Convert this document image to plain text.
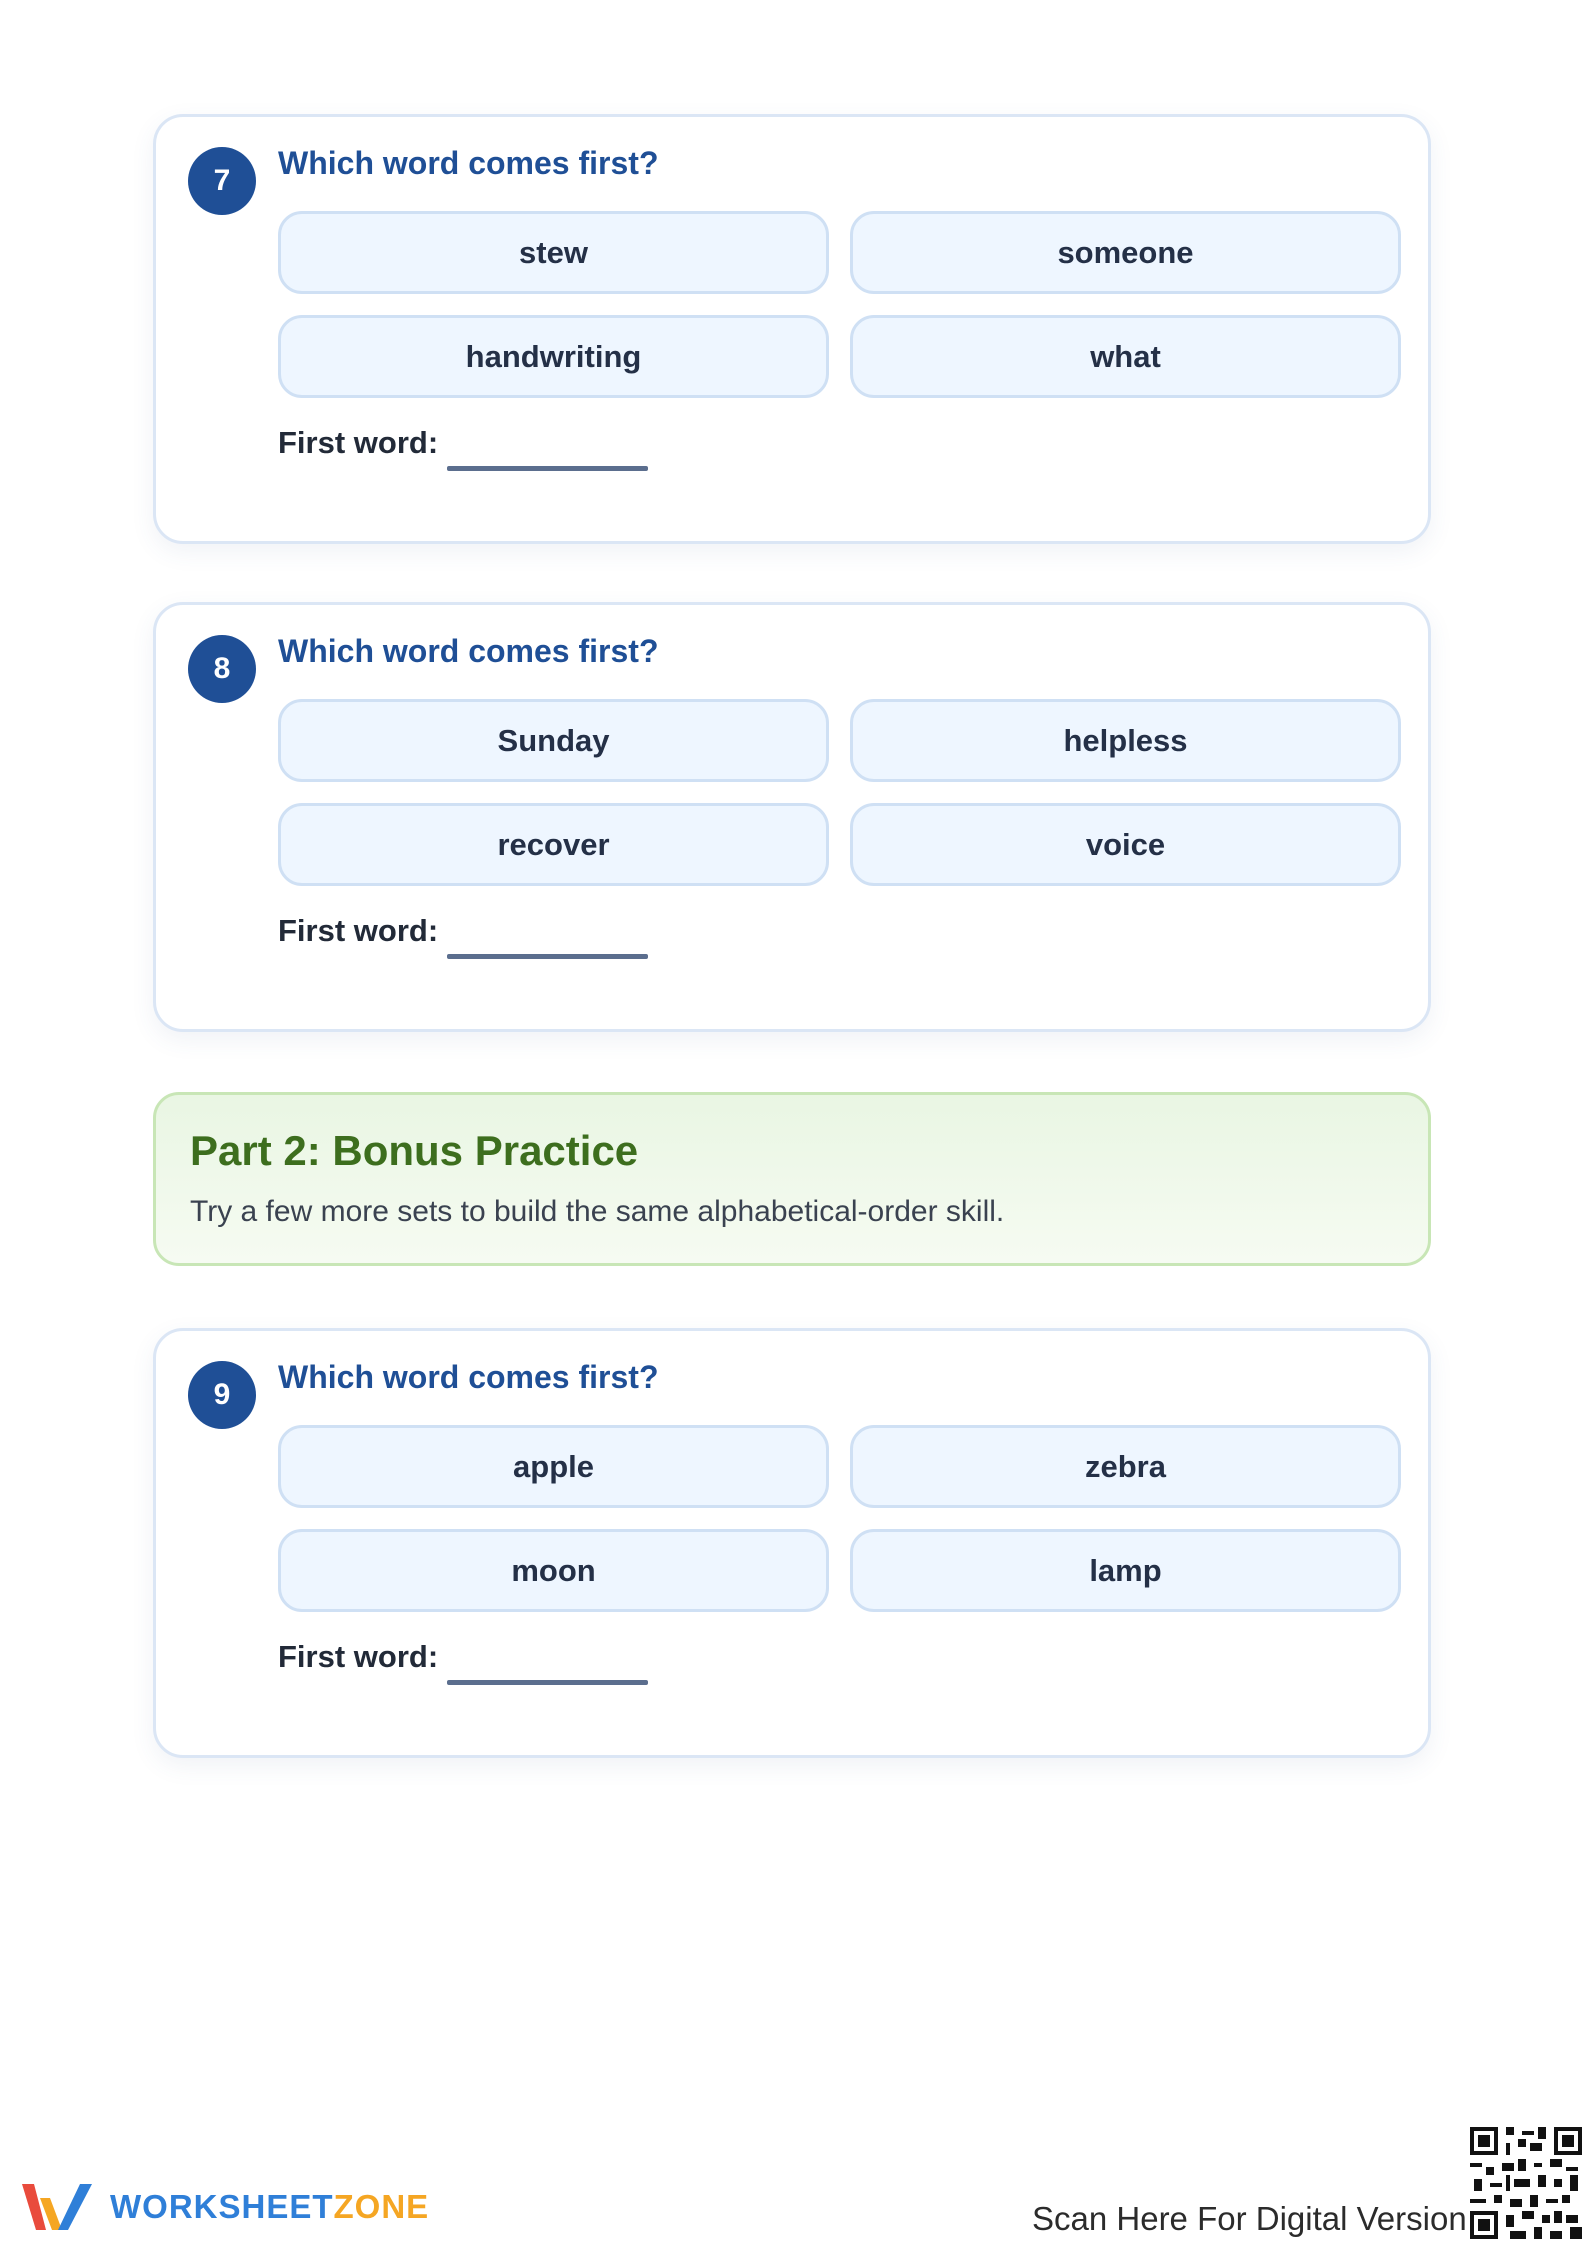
7	Which word comes first?
stew	someone
handwriting	what
First word:
8	Which word comes first?
Sunday	helpless
recover	voice
First word:
Part 2: Bonus Practice
Try a few more sets to build the same alphabetical-order skill.
9	Which word comes first?
apple	zebra
moon	lamp
First word:
WORKSHEETZONE	Scan Here For Digital Version
